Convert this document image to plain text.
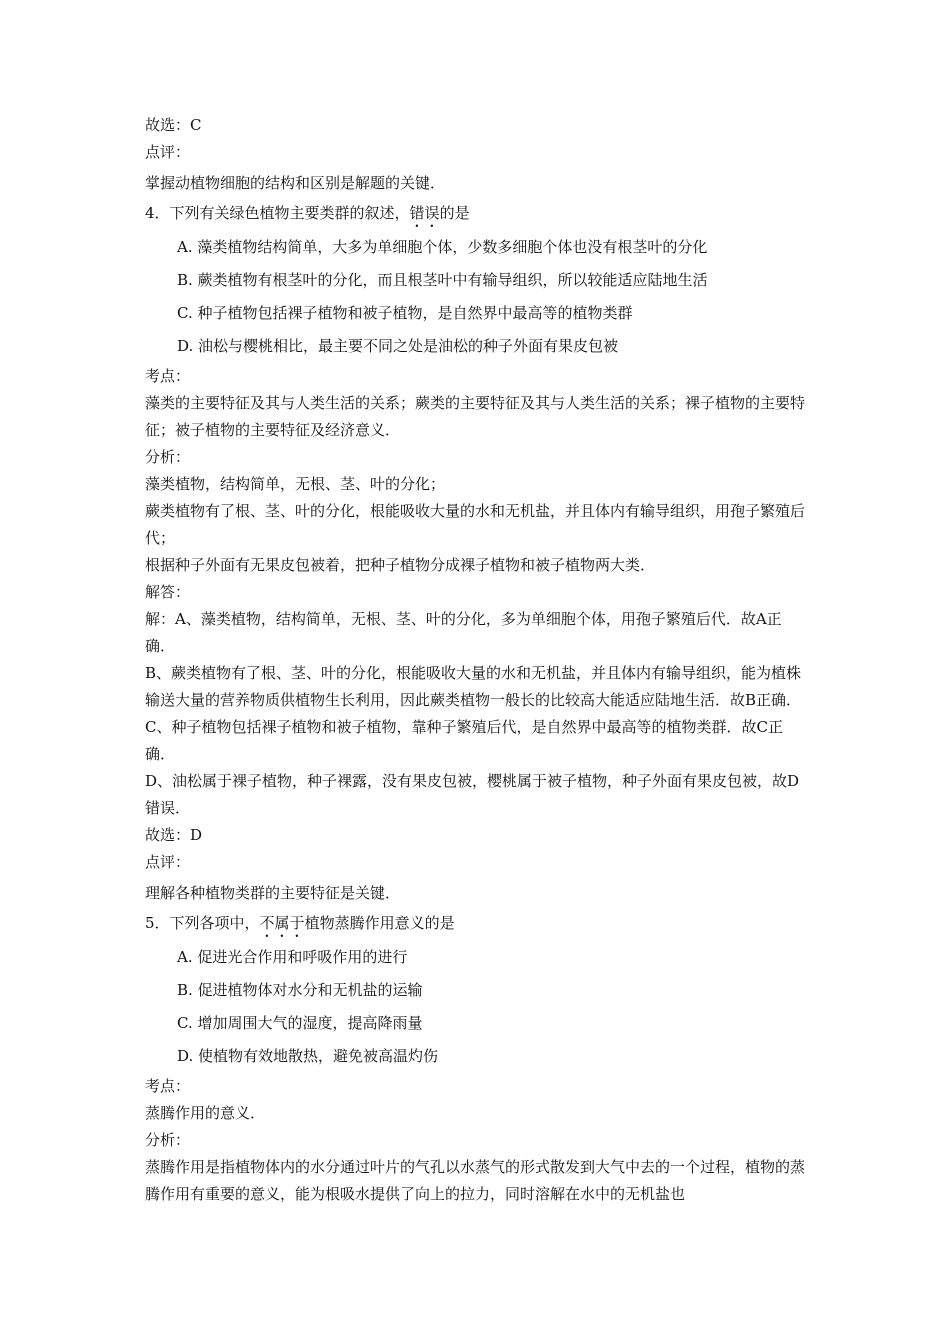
故选：C
点评：
掌握动植物细胞的结构和区别是解题的关键．
4．下列有关绿色植物主要类群的叙述，错误的是
A. 藻类植物结构简单，大多为单细胞个体，少数多细胞个体也没有根茎叶的分化
B. 蕨类植物有根茎叶的分化，而且根茎叶中有输导组织，所以较能适应陆地生活
C. 种子植物包括裸子植物和被子植物，是自然界中最高等的植物类群
D. 油松与樱桃相比，最主要不同之处是油松的种子外面有果皮包被
考点：
藻类的主要特征及其与人类生活的关系；蕨类的主要特征及其与人类生活的关系；裸子植物的主要特征；被子植物的主要特征及经济意义．
分析：
藻类植物，结构简单，无根、茎、叶的分化；
蕨类植物有了根、茎、叶的分化，根能吸收大量的水和无机盐，并且体内有输导组织，用孢子繁殖后代；
根据种子外面有无果皮包被着，把种子植物分成裸子植物和被子植物两大类．
解答：
解：A、藻类植物，结构简单，无根、茎、叶的分化，多为单细胞个体，用孢子繁殖后代．故A正确．
B、蕨类植物有了根、茎、叶的分化，根能吸收大量的水和无机盐，并且体内有输导组织，能为植株输送大量的营养物质供植物生长利用，因此蕨类植物一般长的比较高大能适应陆地生活．故B正确．
C、种子植物包括裸子植物和被子植物，靠种子繁殖后代，是自然界中最高等的植物类群．故C正确．
D、油松属于裸子植物，种子裸露，没有果皮包被，樱桃属于被子植物，种子外面有果皮包被，故D错误．
故选：D
点评：
理解各种植物类群的主要特征是关键．
5．下列各项中，不属于植物蒸腾作用意义的是
A. 促进光合作用和呼吸作用的进行
B. 促进植物体对水分和无机盐的运输
C. 增加周围大气的湿度，提高降雨量
D. 使植物有效地散热，避免被高温灼伤
考点：
蒸腾作用的意义．
分析：
蒸腾作用是指植物体内的水分通过叶片的气孔以水蒸气的形式散发到大气中去的一个过程，植物的蒸腾作用有重要的意义，能为根吸水提供了向上的拉力，同时溶解在水中的无机盐也
